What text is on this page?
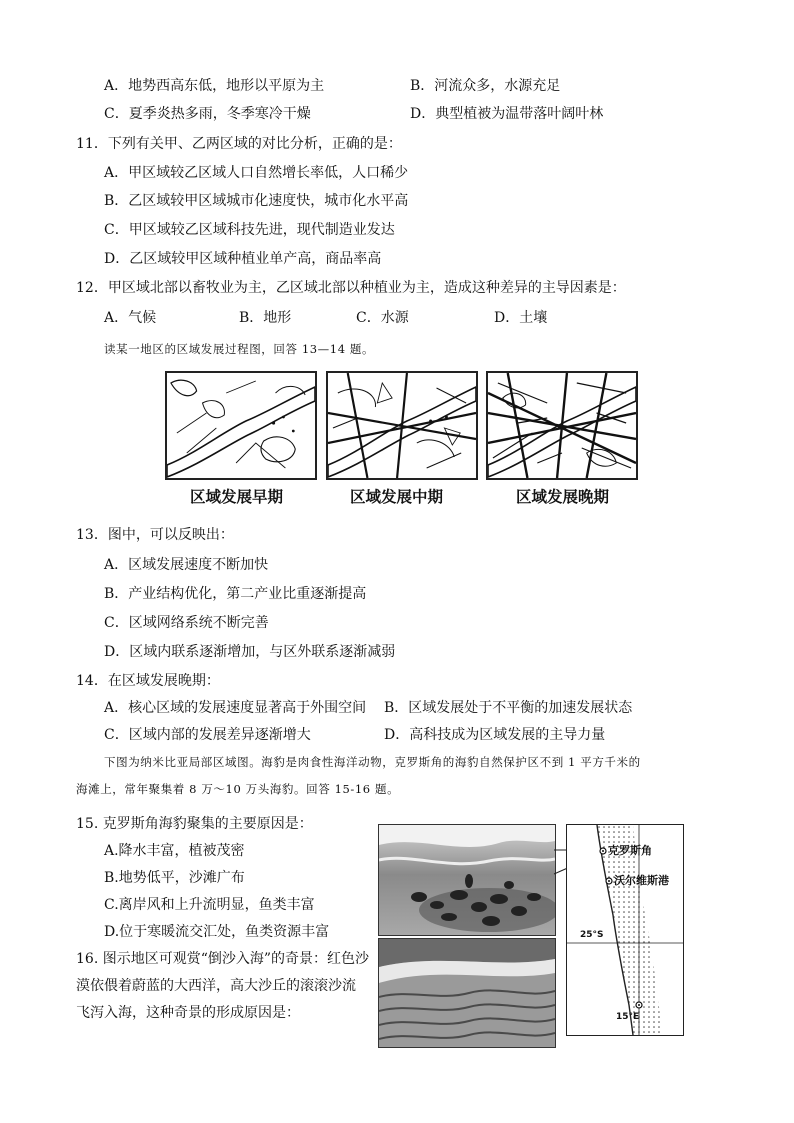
A．地势西高东低，地形以平原为主	B．河流众多，水源充足
C．夏季炎热多雨，冬季寒冷干燥	D．典型植被为温带落叶阔叶林
11．下列有关甲、乙两区域的对比分析，正确的是：
A．甲区域较乙区域人口自然增长率低，人口稀少
B．乙区域较甲区域城市化速度快，城市化水平高
C．甲区域较乙区域科技先进，现代制造业发达
D．乙区域较甲区域种植业单产高，商品率高
12．甲区域北部以畜牧业为主，乙区域北部以种植业为主，造成这种差异的主导因素是：
A．气候	B．地形	C．水源	D．土壤
读某一地区的区域发展过程图，回答 13—14 题。
区域发展早期	区域发展中期	区域发展晚期
13．图中，可以反映出：
A．区域发展速度不断加快
B．产业结构优化，第二产业比重逐渐提高
C．区域网络系统不断完善
D．区域内联系逐渐增加，与区外联系逐渐减弱
14．在区域发展晚期：
A．核心区域的发展速度显著高于外围空间 B．区域发展处于不平衡的加速发展状态
C．区域内部的发展差异逐渐增大	D．高科技成为区域发展的主导力量
下图为纳米比亚局部区域图。海豹是肉食性海洋动物，克罗斯角的海豹自然保护区不到 1 平方千米的
海滩上，常年聚集着 8 万～10 万头海豹。回答 15-16 题。
15. 克罗斯角海豹聚集的主要原因是：
A.降水丰富，植被茂密
B.地势低平，沙滩广布
C.离岸风和上升流明显，鱼类丰富
D.位于寒暖流交汇处，鱼类资源丰富
16. 图示地区可观赏“倒沙入海”的奇景：红色沙
漠依偎着蔚蓝的大西洋，高大沙丘的滚滚沙流
飞泻入海，这种奇景的形成原因是：
克罗斯角
沃尔维斯港
25°S
15°E
